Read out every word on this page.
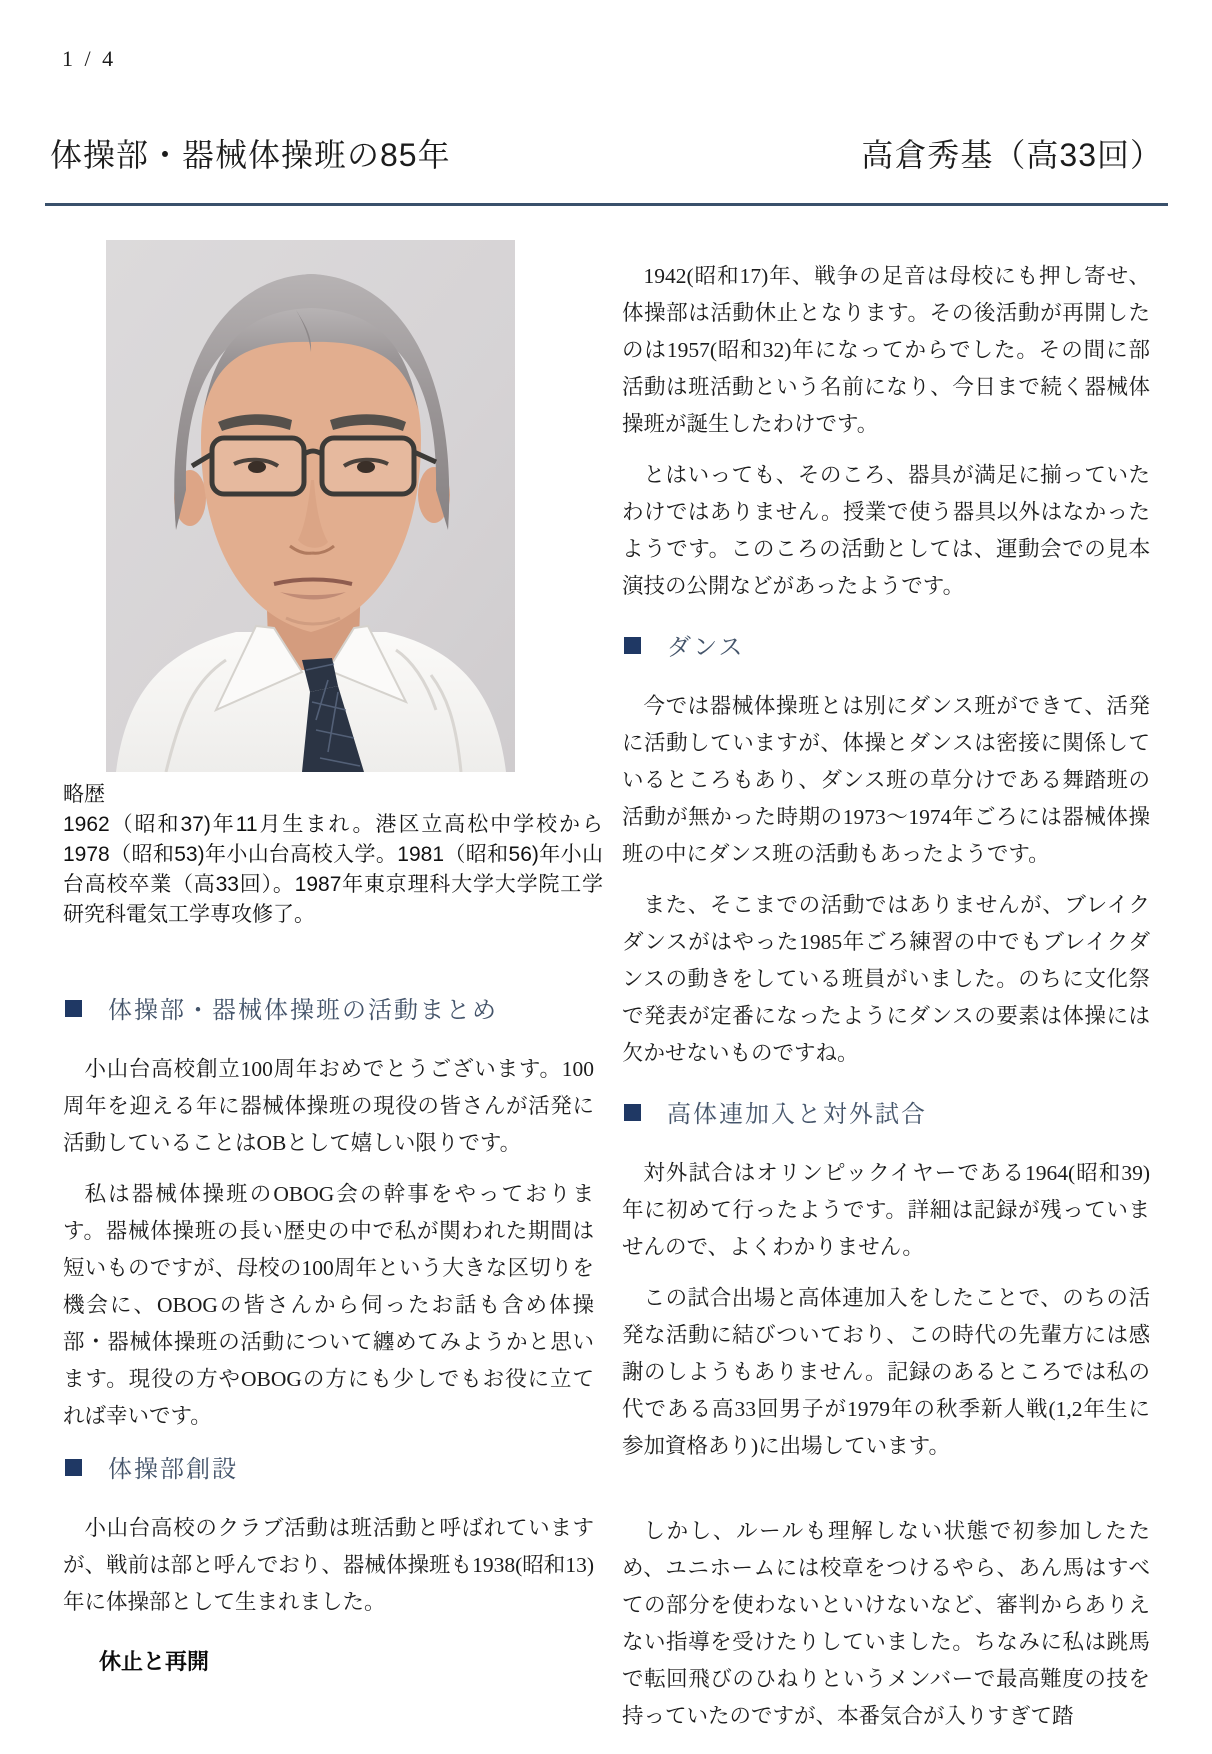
1 / 4
体操部・器械体操班の85年	高倉秀基（高33回）

略歴

1962（昭和37)年11月生まれ。港区立高松中学校から1978（昭和53)年小山台高校入学。1981（昭和56)年小山台高校卒業（高33回）。1987年東京理科大学大学院工学研究科電気工学専攻修了。

体操部・器械体操班の活動まとめ

小山台高校創立100周年おめでとうございます。100周年を迎える年に器械体操班の現役の皆さんが活発に活動していることはOBとして嬉しい限りです。

私は器械体操班のOBOG会の幹事をやっております。器械体操班の長い歴史の中で私が関われた期間は短いものですが、母校の100周年という大きな区切りを機会に、OBOGの皆さんから伺ったお話も含め体操部・器械体操班の活動について纏めてみようかと思います。現役の方やOBOGの方にも少しでもお役に立てれば幸いです。

体操部創設

小山台高校のクラブ活動は班活動と呼ばれていますが、戦前は部と呼んでおり、器械体操班も1938(昭和13)年に体操部として生まれました。

休止と再開

1942(昭和17)年、戦争の足音は母校にも押し寄せ、体操部は活動休止となります。その後活動が再開したのは1957(昭和32)年になってからでした。その間に部活動は班活動という名前になり、今日まで続く器械体操班が誕生したわけです。

とはいっても、そのころ、器具が満足に揃っていたわけではありません。授業で使う器具以外はなかったようです。このころの活動としては、運動会での見本演技の公開などがあったようです。

ダンス

今では器械体操班とは別にダンス班ができて、活発に活動していますが、体操とダンスは密接に関係しているところもあり、ダンス班の草分けである舞踏班の活動が無かった時期の1973〜1974年ごろには器械体操班の中にダンス班の活動もあったようです。

また、そこまでの活動ではありませんが、ブレイクダンスがはやった1985年ごろ練習の中でもブレイクダンスの動きをしている班員がいました。のちに文化祭で発表が定番になったようにダンスの要素は体操には欠かせないものですね。

高体連加入と対外試合

対外試合はオリンピックイヤーである1964(昭和39)年に初めて行ったようです。詳細は記録が残っていませんので、よくわかりません。

この試合出場と高体連加入をしたことで、のちの活発な活動に結びついており、この時代の先輩方には感謝のしようもありません。記録のあるところでは私の代である高33回男子が1979年の秋季新人戦(1,2年生に参加資格あり)に出場しています。

しかし、ルールも理解しない状態で初参加したため、ユニホームには校章をつけるやら、あん馬はすべての部分を使わないといけないなど、審判からありえない指導を受けたりしていました。ちなみに私は跳馬で転回飛びのひねりというメンバーで最高難度の技を持っていたのですが、本番気合が入りすぎて踏
